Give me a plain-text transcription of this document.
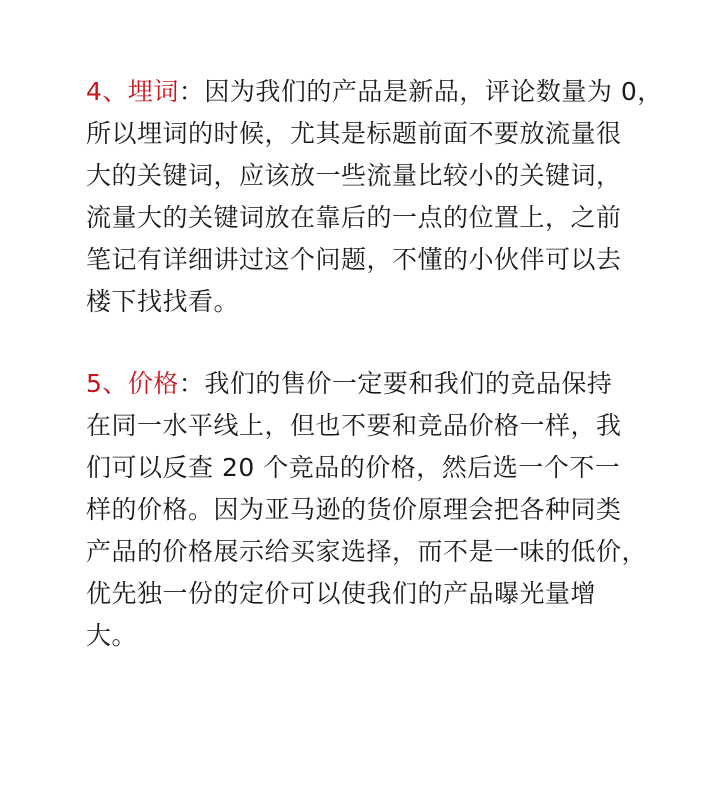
4、埋词：因为我们的产品是新品，评论数量为 0，
所以埋词的时候，尤其是标题前面不要放流量很
大的关键词，应该放一些流量比较小的关键词，
流量大的关键词放在靠后的一点的位置上，之前
笔记有详细讲过这个问题，不懂的小伙伴可以去
楼下找找看。
5、价格：我们的售价一定要和我们的竞品保持
在同一水平线上，但也不要和竞品价格一样，我
们可以反查 20 个竞品的价格，然后选一个不一
样的价格。因为亚马逊的货价原理会把各种同类
产品的价格展示给买家选择，而不是一味的低价，
优先独一份的定价可以使我们的产品曝光量增
大。
